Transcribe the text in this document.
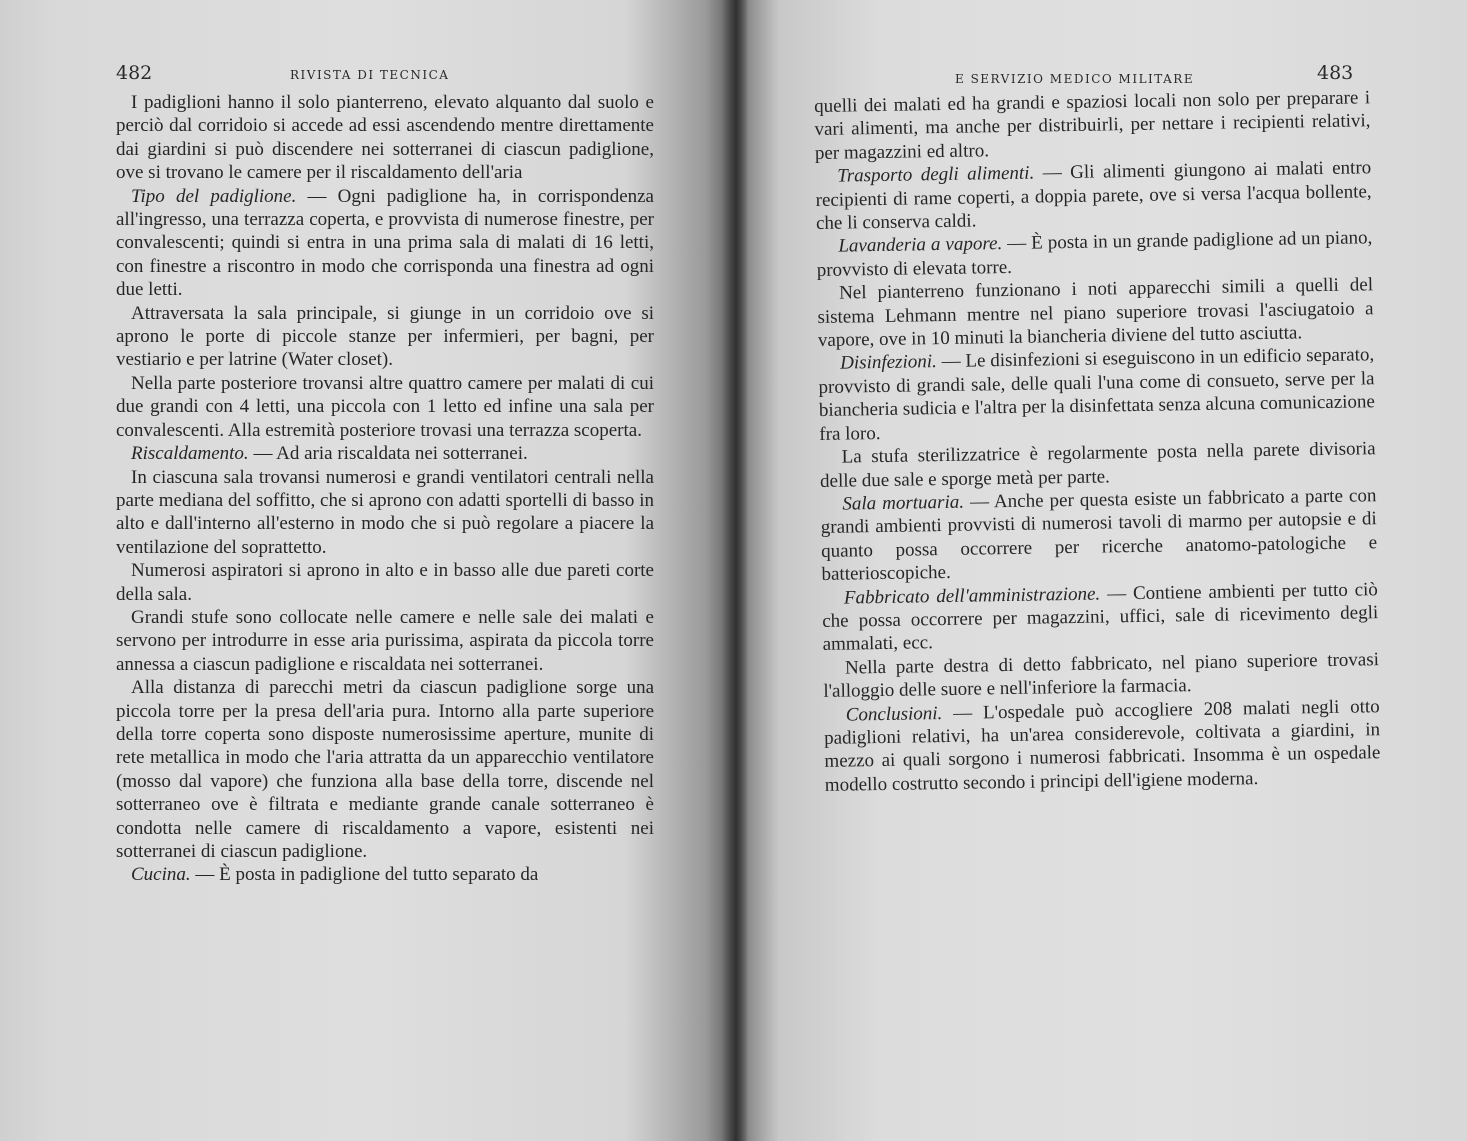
482	RIVISTA DI TECNICA

I padiglioni hanno il solo pianterreno, elevato alquanto dal suolo e perciò dal corridoio si accede ad essi ascendendo mentre direttamente dai giardini si può discendere nei sotterranei di ciascun padiglione, ove si trovano le camere per il riscaldamento dell'aria

Tipo del padiglione. — Ogni padiglione ha, in corrispondenza all'ingresso, una terrazza coperta, e provvista di numerose finestre, per convalescenti; quindi si entra in una prima sala di malati di 16 letti, con finestre a riscontro in modo che corrisponda una finestra ad ogni due letti.

Attraversata la sala principale, si giunge in un corridoio ove si aprono le porte di piccole stanze per infermieri, per bagni, per vestiario e per latrine (Water closet).

Nella parte posteriore trovansi altre quattro camere per malati di cui due grandi con 4 letti, una piccola con 1 letto ed infine una sala per convalescenti. Alla estremità posteriore trovasi una terrazza scoperta.

Riscaldamento. — Ad aria riscaldata nei sotterranei.

In ciascuna sala trovansi numerosi e grandi ventilatori centrali nella parte mediana del soffitto, che si aprono con adatti sportelli di basso in alto e dall'interno all'esterno in modo che si può regolare a piacere la ventilazione del soprattetto.

Numerosi aspiratori si aprono in alto e in basso alle due pareti corte della sala.

Grandi stufe sono collocate nelle camere e nelle sale dei malati e servono per introdurre in esse aria purissima, aspirata da piccola torre annessa a ciascun padiglione e riscaldata nei sotterranei.

Alla distanza di parecchi metri da ciascun padiglione sorge una piccola torre per la presa dell'aria pura. Intorno alla parte superiore della torre coperta sono disposte numerosissime aperture, munite di rete metallica in modo che l'aria attratta da un apparecchio ventilatore (mosso dal vapore) che funziona alla base della torre, discende nel sotterraneo ove è filtrata e mediante grande canale sotterraneo è condotta nelle camere di riscaldamento a vapore, esistenti nei sotterranei di ciascun padiglione.

Cucina. — È posta in padiglione del tutto separato da

E SERVIZIO MEDICO MILITARE	483

quelli dei malati ed ha grandi e spaziosi locali non solo per preparare i vari alimenti, ma anche per distribuirli, per nettare i recipienti relativi, per magazzini ed altro.

Trasporto degli alimenti. — Gli alimenti giungono ai malati entro recipienti di rame coperti, a doppia parete, ove si versa l'acqua bollente, che li conserva caldi.

Lavanderia a vapore. — È posta in un grande padiglione ad un piano, provvisto di elevata torre.

Nel pianterreno funzionano i noti apparecchi simili a quelli del sistema Lehmann mentre nel piano superiore trovasi l'asciugatoio a vapore, ove in 10 minuti la biancheria diviene del tutto asciutta.

Disinfezioni. — Le disinfezioni si eseguiscono in un edificio separato, provvisto di grandi sale, delle quali l'una come di consueto, serve per la biancheria sudicia e l'altra per la disinfettata senza alcuna comunicazione fra loro.

La stufa sterilizzatrice è regolarmente posta nella parete divisoria delle due sale e sporge metà per parte.

Sala mortuaria. — Anche per questa esiste un fabbricato a parte con grandi ambienti provvisti di numerosi tavoli di marmo per autopsie e di quanto possa occorrere per ricerche anatomo-patologiche e batterioscopiche.

Fabbricato dell'amministrazione. — Contiene ambienti per tutto ciò che possa occorrere per magazzini, uffici, sale di ricevimento degli ammalati, ecc.

Nella parte destra di detto fabbricato, nel piano superiore trovasi l'alloggio delle suore e nell'inferiore la farmacia.

Conclusioni. — L'ospedale può accogliere 208 malati negli otto padiglioni relativi, ha un'area considerevole, coltivata a giardini, in mezzo ai quali sorgono i numerosi fabbricati. Insomma è un ospedale modello costrutto secondo i principi dell'igiene moderna.
